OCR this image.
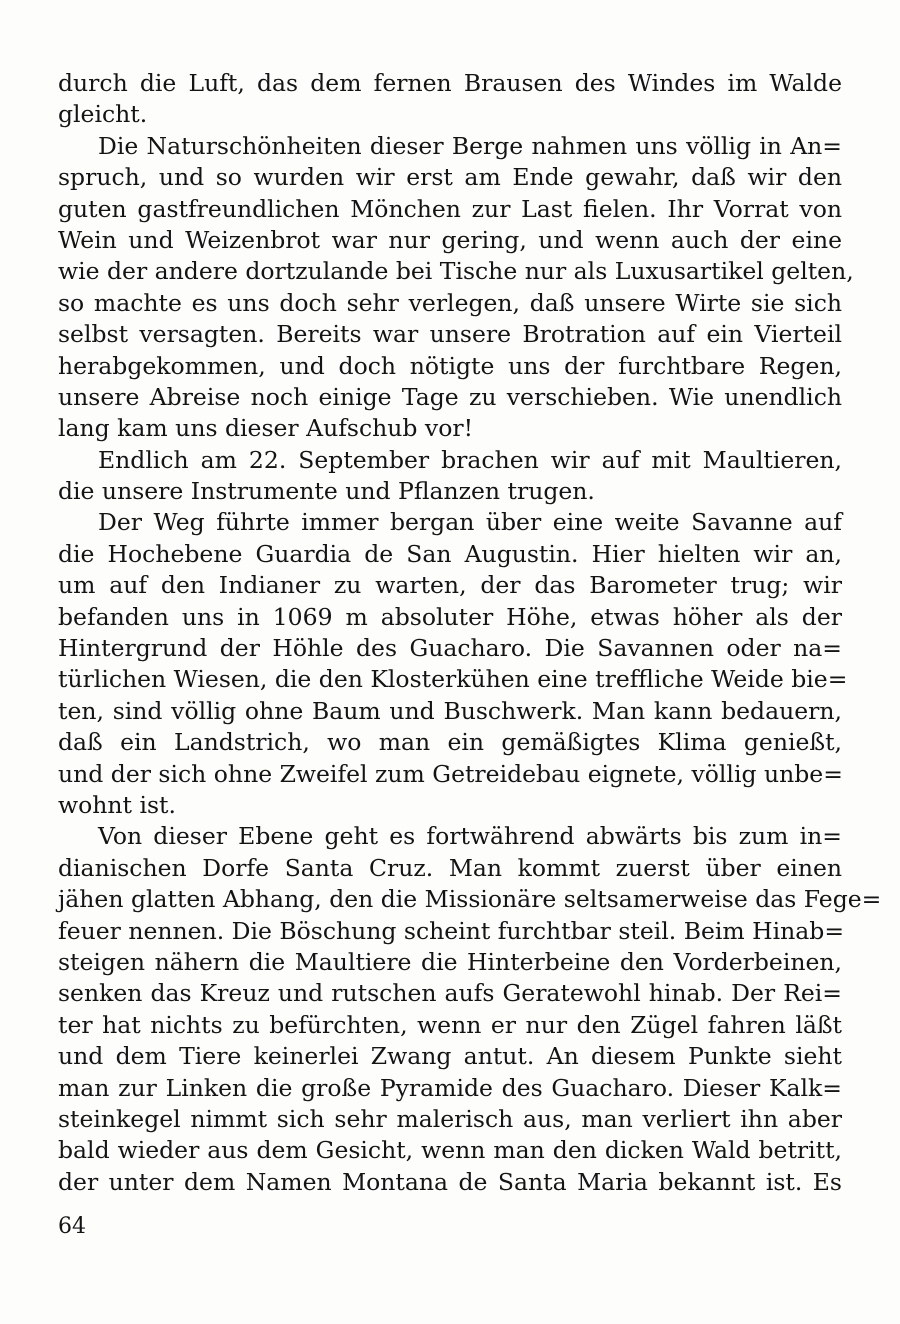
durch die Luft, das dem fernen Brausen des Windes im Walde
gleicht.
Die Naturschönheiten dieser Berge nahmen uns völlig in An=
spruch, und so wurden wir erst am Ende gewahr, daß wir den
guten gastfreundlichen Mönchen zur Last fielen. Ihr Vorrat von
Wein und Weizenbrot war nur gering, und wenn auch der eine
wie der andere dortzulande bei Tische nur als Luxusartikel gelten,
so machte es uns doch sehr verlegen, daß unsere Wirte sie sich
selbst versagten. Bereits war unsere Brotration auf ein Vierteil
herabgekommen, und doch nötigte uns der furchtbare Regen,
unsere Abreise noch einige Tage zu verschieben. Wie unendlich
lang kam uns dieser Aufschub vor!
Endlich am 22. September brachen wir auf mit Maultieren,
die unsere Instrumente und Pflanzen trugen.
Der Weg führte immer bergan über eine weite Savanne auf
die Hochebene Guardia de San Augustin. Hier hielten wir an,
um auf den Indianer zu warten, der das Barometer trug; wir
befanden uns in 1069 m absoluter Höhe, etwas höher als der
Hintergrund der Höhle des Guacharo. Die Savannen oder na=
türlichen Wiesen, die den Klosterkühen eine treffliche Weide bie=
ten, sind völlig ohne Baum und Buschwerk. Man kann bedauern,
daß ein Landstrich, wo man ein gemäßigtes Klima genießt,
und der sich ohne Zweifel zum Getreidebau eignete, völlig unbe=
wohnt ist.
Von dieser Ebene geht es fortwährend abwärts bis zum in=
dianischen Dorfe Santa Cruz. Man kommt zuerst über einen
jähen glatten Abhang, den die Missionäre seltsamerweise das Fege=
feuer nennen. Die Böschung scheint furchtbar steil. Beim Hinab=
steigen nähern die Maultiere die Hinterbeine den Vorderbeinen,
senken das Kreuz und rutschen aufs Geratewohl hinab. Der Rei=
ter hat nichts zu befürchten, wenn er nur den Zügel fahren läßt
und dem Tiere keinerlei Zwang antut. An diesem Punkte sieht
man zur Linken die große Pyramide des Guacharo. Dieser Kalk=
steinkegel nimmt sich sehr malerisch aus, man verliert ihn aber
bald wieder aus dem Gesicht, wenn man den dicken Wald betritt,
der unter dem Namen Montana de Santa Maria bekannt ist. Es
64
